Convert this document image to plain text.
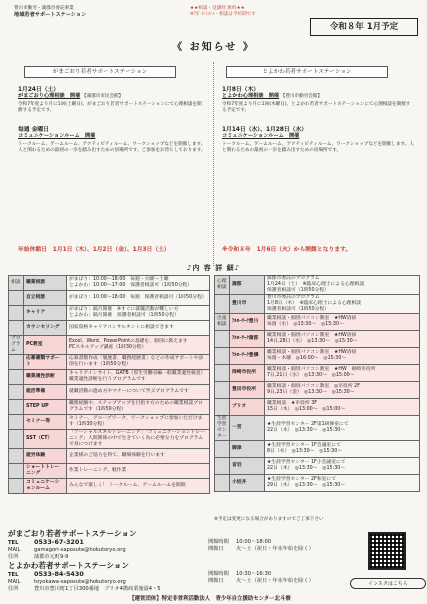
豊川市勤労・蒲郡市委託事業
地域若者サポートステーション
★★相談・受講料 無料★★
※ｱﾎﾟｲﾝﾄﾒﾝﾄ・相談は予約制です
令和８年 1月予定
《 お知らせ 》
がまごおり若者サポートステーション
1月24日（土）
がまごおり心理相談　開催 【蒲郡市市民会館】
令和7年度より月に1回(土曜日)、がまごおり若者サポートステーションにて心理相談を開催する予定です。
毎週 金曜日
コミュニケーションルーム　開催
トークルーム、ゲームルーム、アクティビティルーム、ワークショップなどを開催します。人と関わるための最初の一歩を踏み出すための居場所です。ご参加をお待ちしております。
年始休館日　1月1日（木）、1月2日（金）、1月3日（土）
とよかわ若者サポートステーション
1月8日（木）
とよかわ心理相談　開催 【豊川市勤労会館】
令和7年度より月に1回(木曜日)、とよかわ若者サポートステーションにて心理相談を開催する予定です。
1月14日（水）、1月28日（水）
コミュニケーションルーム　開催
トークルーム、ゲームルーム、アクティビティルーム、ワークショップなどを開催します。人と関わるための最初の一歩を踏み出すための居場所です。
※令和８年　1月6日（火）から開館となります。
♪内 容 詳 細♪
相談	職業相談	がまぼり：10:00〜18:00　毎週・火曜〜土曜
とよかわ：10:00〜17:00　保護者相談可（1時50分程）
	自立相談	がまぼり：10:00〜18:00　毎週　保護者相談可（1時50分程）
	キャリア	がまぼり：隔月開催　※すぐに就職活動が難しい方
とよかわ：隔月開催　保護者相談可（1時50分程）
	カウンセリング	国家資格キャリアコンサルタントに相談できます
プログラム	PC教室	Excel、Word、PowerPointの基礎を、個別に教えます
PCスキルアップ講座（1時30分程）
	応募書類サポート	応募書類作成「履歴書、職務経歴書」などの作成サポートや添削を行います（1時50分程）
	職業適性診断	キャリアインサイト、GATB（厚生労働省編一般職業適性検査）
職業適性診断を行うプログラムです
	就活準備	就職活動の進め方やマナーについて学ぶプログラムです
	STEP UP	職務経験や、ステップアップを目指す方のための職業相談プログラムです（1時50分程）
	セミナー等	セミナー、グループワーク、ワークショップに参加いただけます（1時30分程）
	SST（CT）	「ソーシャルスキルトレーニング」「コミュニケーショントレーニング」人間関係の中で生きていく為に必要な力をプログラムで身につけます
	就労体験	企業様のご協力を得て、職場体験を行います
	ショートトレーニング	作業トレーニング、軽作業
	コミュニケーションルーム	みんなで楽しく！ トークルーム、ゲームルームを開催
心理相談	蒲郡	蒲郡市委託のプログラム
1月24日（土）　※臨床心理士による心理相談
保護者相談可（1時50分程）
	豊川市	豊川市委託のプログラム
1月8日（木）　※臨床心理士による心理相談
保護者相談可（1時50分程）
出張相談	ｱﾙﾛｰﾜｰｸ豊川	職業相談・個別パソコン教室　★HW清掃
毎週（水）　◎13:30〜　◎15:30〜
	ｱﾙﾛｰﾜｰｸ蒲郡	職業相談・個別パソコン教室　★HW清掃
14日,28日（水）　◎13:30〜　◎15:30〜
	ｱﾙﾛｰﾜｰｸ豊橋	職業相談・個別パソコン教室　★HW清掃
毎週・木曜　◎16:00〜　◎15:30〜
	岡崎市役所	職業相談・個別パソコン教室　★HW　岡崎市役所
7日,21日（水）　◎13:30〜　◎15:00〜
	豊田市役所	職業相談・個別パソコン教室　◎市役所 2F
9日,23日（金）　◎13:30〜　◎15:30〜
	プリオ	職業相談　★市役所 3F
15日（木）　◎13:00〜　◎15:00〜
生涯学習センター	一宮	★生涯学習センター 2F第1研修室にて
22日（木）　◎13:30〜　◎15:30〜
	御津	★生涯学習センター 1F会議室にて
8日（木）　◎13:30〜　◎15:30〜
	音羽	★生涯学習センター 1F小会議室にて
22日（木）　◎13:30〜　◎15:30〜
	小坂井	★生涯学習センター 2F和室にて
29日（木）　◎13:30〜　◎15:30〜
※予定は変更になる場合がありますのでご了承下さい
がまごおり若者サポートステーション
TEL 0533-67-3201
MAIL	gamagori-saposute@hokutoryo.org
住所	蒲郡市元町9-9
開館時間 10:00〜18:00
開館日 火〜土（祝日・年末年始を除く）
とよかわ若者サポートステーション
TEL 0533-84-5430
MAIL	toyokawa-saposute@hokutoryo.org
住所	豊川市豊川町1丁目300番地　プリオ4階商業施設4・5
開館時間 10:30〜16:30
開館日 火〜土（祝日・年末年始を除く）
インスタはこちら
【運営団体】特定非営利活動法人　青少年自立援助センター北斗寮
